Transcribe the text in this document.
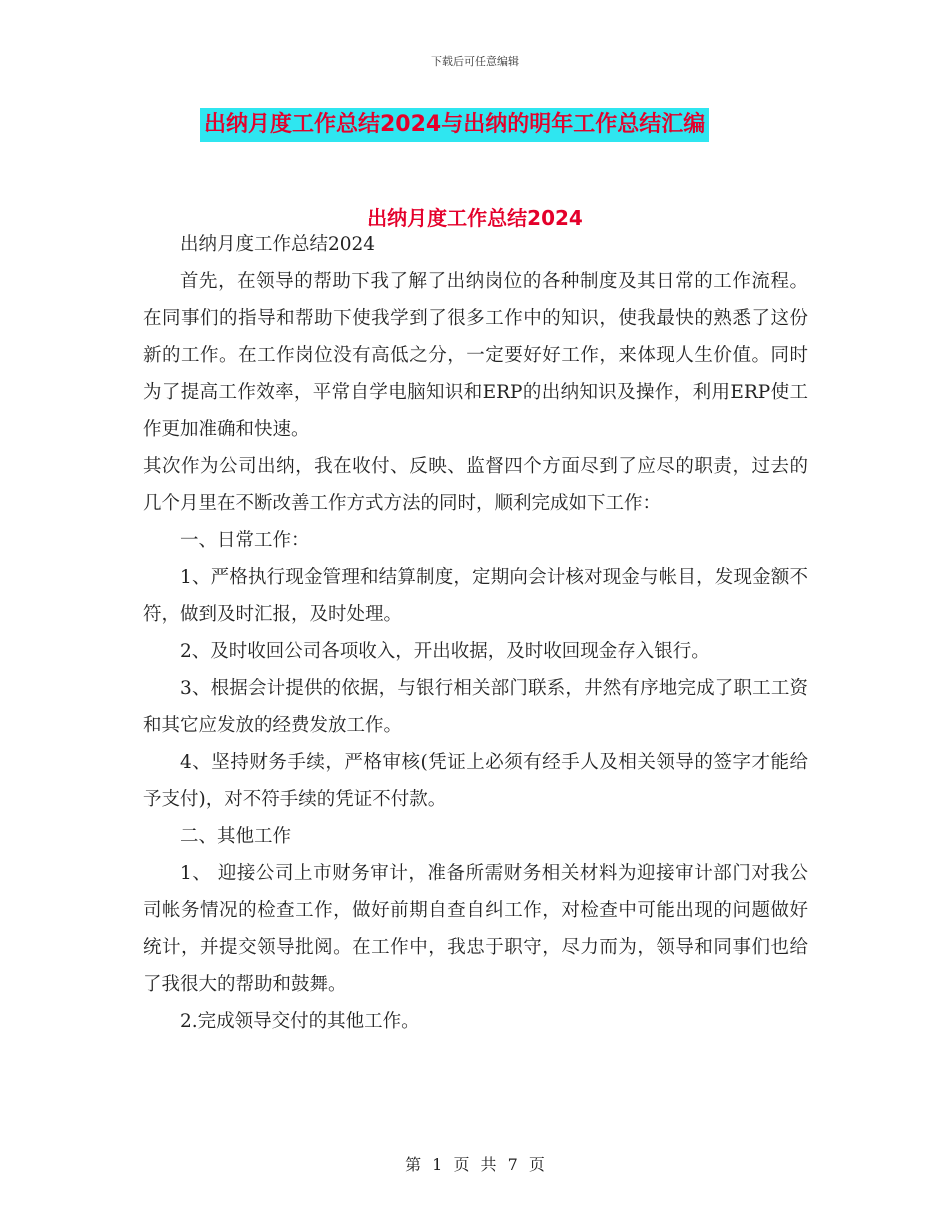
下载后可任意编辑
出纳月度工作总结2024与出纳的明年工作总结汇编
出纳月度工作总结2024

出纳月度工作总结2024

首先，在领导的帮助下我了解了出纳岗位的各种制度及其日常的工作流程。在同事们的指导和帮助下使我学到了很多工作中的知识，使我最快的熟悉了这份新的工作。在工作岗位没有高低之分，一定要好好工作，来体现人生价值。同时为了提高工作效率，平常自学电脑知识和ERP的出纳知识及操作，利用ERP使工作更加准确和快速。

其次作为公司出纳，我在收付、反映、监督四个方面尽到了应尽的职责，过去的几个月里在不断改善工作方式方法的同时，顺利完成如下工作：

一、日常工作：

1、严格执行现金管理和结算制度，定期向会计核对现金与帐目，发现金额不符，做到及时汇报，及时处理。

2、及时收回公司各项收入，开出收据，及时收回现金存入银行。

3、根据会计提供的依据，与银行相关部门联系，井然有序地完成了职工工资和其它应发放的经费发放工作。

4、坚持财务手续，严格审核(凭证上必须有经手人及相关领导的签字才能给予支付)，对不符手续的凭证不付款。

二、其他工作

1、 迎接公司上市财务审计，准备所需财务相关材料为迎接审计部门对我公司帐务情况的检查工作，做好前期自查自纠工作，对检查中可能出现的问题做好统计，并提交领导批阅。在工作中，我忠于职守，尽力而为，领导和同事们也给了我很大的帮助和鼓舞。

2.完成领导交付的其他工作。

第 1 页 共 7 页
